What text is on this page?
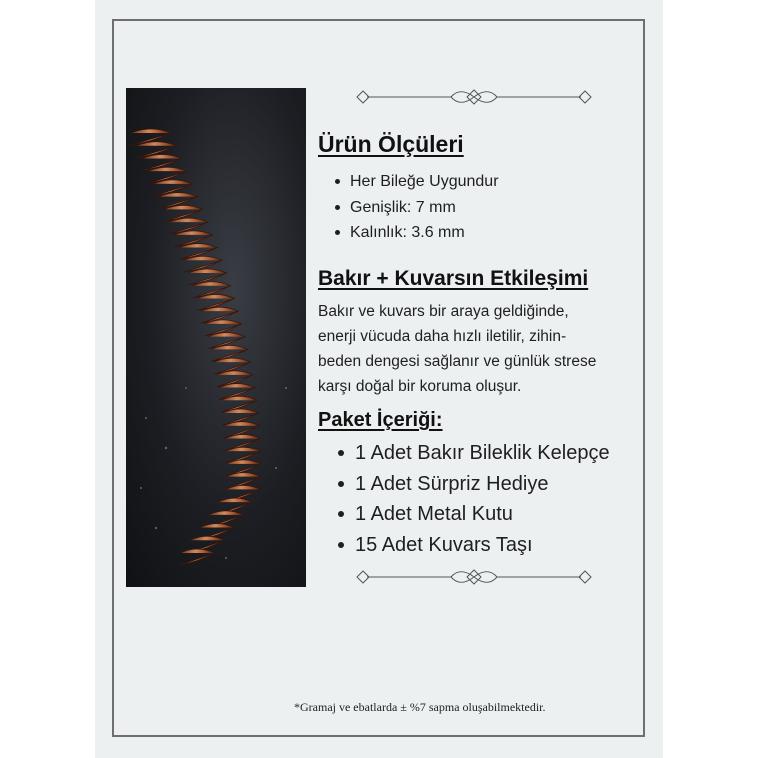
Ürün Ölçüleri
Her Bileğe Uygundur
Genişlik: 7 mm
Kalınlık: 3.6 mm
Bakır + Kuvarsın Etkileşimi

Bakır ve kuvars bir araya geldiğinde,
enerji vücuda daha hızlı iletilir, zihin-
beden dengesi sağlanır ve günlük strese
karşı doğal bir koruma oluşur.

Paket İçeriği:
1 Adet Bakır Bileklik Kelepçe
1 Adet Sürpriz Hediye
1 Adet Metal Kutu
15 Adet Kuvars Taşı

*Gramaj ve ebatlarda ± %7 sapma oluşabilmektedir.
